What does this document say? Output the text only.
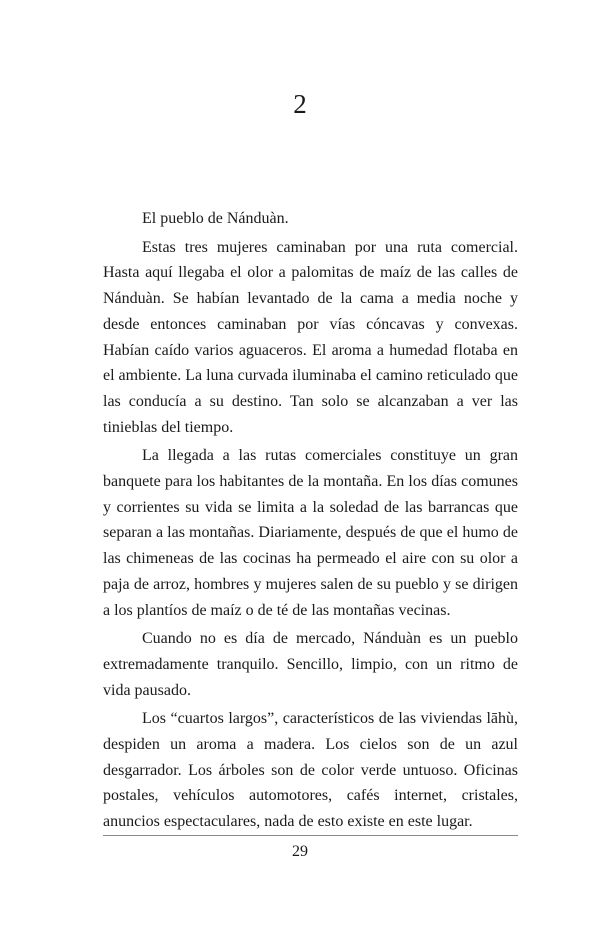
2

El pueblo de Nánduàn.

Estas tres mujeres caminaban por una ruta comercial. Hasta aquí llegaba el olor a palomitas de maíz de las calles de Nánduàn. Se habían levantado de la cama a media noche y desde entonces caminaban por vías cóncavas y convexas. Habían caído varios aguaceros. El aroma a humedad flotaba en el ambiente. La luna curvada iluminaba el camino reticulado que las conducía a su destino. Tan solo se alcanzaban a ver las tinieblas del tiempo.

La llegada a las rutas comerciales constituye un gran banquete para los habitantes de la montaña. En los días comunes y corrientes su vida se limita a la soledad de las barrancas que separan a las montañas. Diariamente, después de que el humo de las chimeneas de las cocinas ha permeado el aire con su olor a paja de arroz, hombres y mujeres salen de su pueblo y se dirigen a los plantíos de maíz o de té de las montañas vecinas.

Cuando no es día de mercado, Nánduàn es un pueblo extremadamente tranquilo. Sencillo, limpio, con un ritmo de vida pausado.

Los “cuartos largos”, característicos de las viviendas lāhù, despiden un aroma a madera. Los cielos son de un azul desgarrador. Los árboles son de color verde untuoso. Oficinas postales, vehículos automotores, cafés internet, cristales, anuncios espectaculares, nada de esto existe en este lugar.

29
